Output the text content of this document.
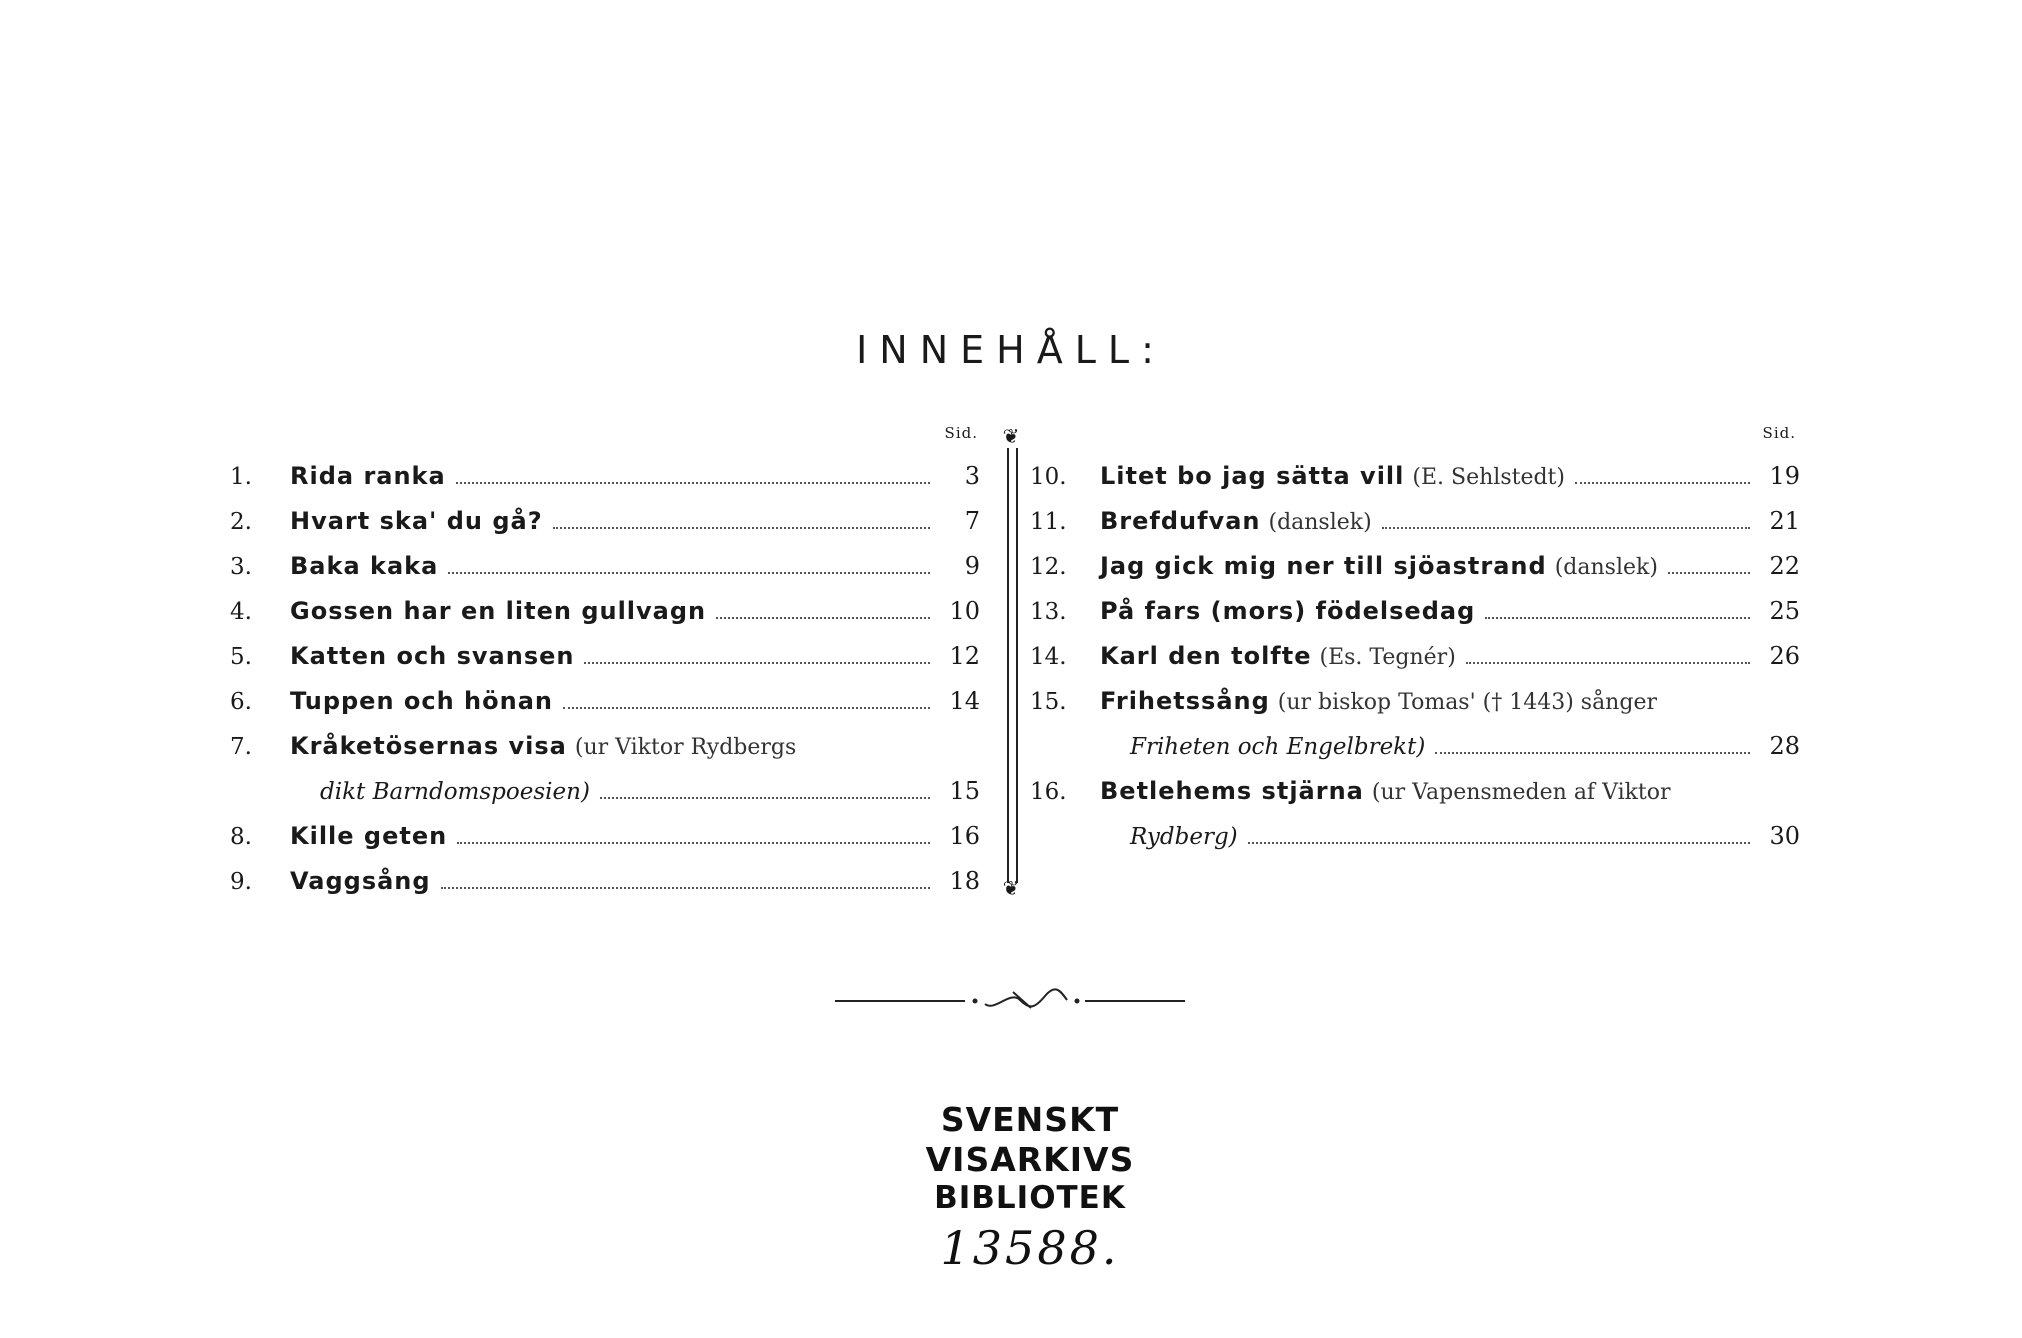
INNEHÅLL:
Sid.
1.	Rida ranka	3
2.	Hvart ska' du gå?	7
3.	Baka kaka	9
4.	Gossen har en liten gullvagn	10
5.	Katten och svansen	12
6.	Tuppen och hönan	14
7.	Kråketösernas visa (ur Viktor Rydbergs
dikt Barndomspoesien)	15
8.	Kille geten	16
9.	Vaggsång	18
❦
❦
Sid.
10.	Litet bo jag sätta vill (E. Sehlstedt)	19
11.	Brefdufvan (danslek)	21
12.	Jag gick mig ner till sjöastrand (danslek)	22
13.	På fars (mors) födelsedag	25
14.	Karl den tolfte (Es. Tegnér)	26
15.	Frihetssång (ur biskop Tomas' († 1443) sånger
Friheten och Engelbrekt)	28
16.	Betlehems stjärna (ur Vapensmeden af Viktor
Rydberg)	30
SVENSKT VISARKIVS
BIBLIOTEK
13588.
